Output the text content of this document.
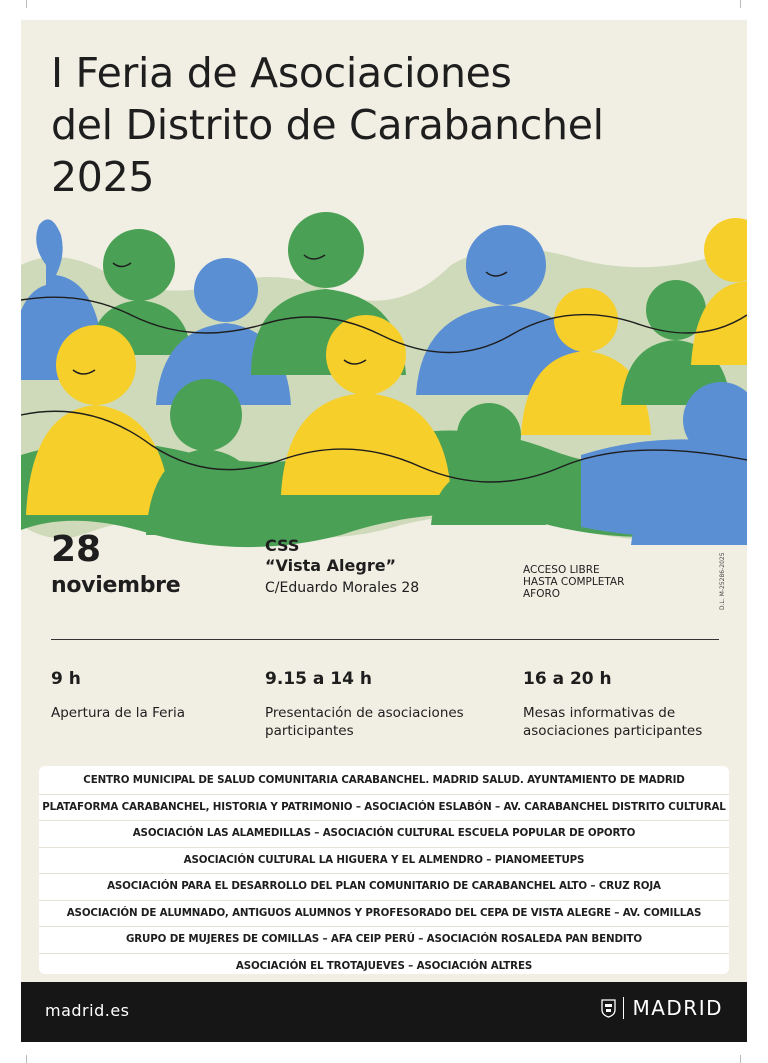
I Feria de Asociaciones
del Distrito de Carabanchel
2025
28
noviembre
CSS
“Vista Alegre”
C/Eduardo Morales 28
ACCESO LIBRE
HASTA COMPLETAR
AFORO	D.L. M-25286-2025
9 h
Apertura de la Feria
9.15 a 14 h
Presentación de asociaciones participantes
16 a 20 h
Mesas informativas de asociaciones participantes
CENTRO MUNICIPAL DE SALUD COMUNITARIA CARABANCHEL. MADRID SALUD. AYUNTAMIENTO DE MADRID
PLATAFORMA CARABANCHEL, HISTORIA Y PATRIMONIO – ASOCIACIÓN ESLABÓN – AV. CARABANCHEL DISTRITO CULTURAL
ASOCIACIÓN LAS ALAMEDILLAS – ASOCIACIÓN CULTURAL ESCUELA POPULAR DE OPORTO
ASOCIACIÓN CULTURAL LA HIGUERA Y EL ALMENDRO – PIANOMEETUPS
ASOCIACIÓN PARA EL DESARROLLO DEL PLAN COMUNITARIO DE CARABANCHEL ALTO – CRUZ ROJA
ASOCIACIÓN DE ALUMNADO, ANTIGUOS ALUMNOS Y PROFESORADO DEL CEPA DE VISTA ALEGRE – AV. COMILLAS
GRUPO DE MUJERES DE COMILLAS – AFA CEIP PERÚ – ASOCIACIÓN ROSALEDA PAN BENDITO
ASOCIACIÓN EL TROTAJUEVES – ASOCIACIÓN ALTRES
madrid.es	MADRID
